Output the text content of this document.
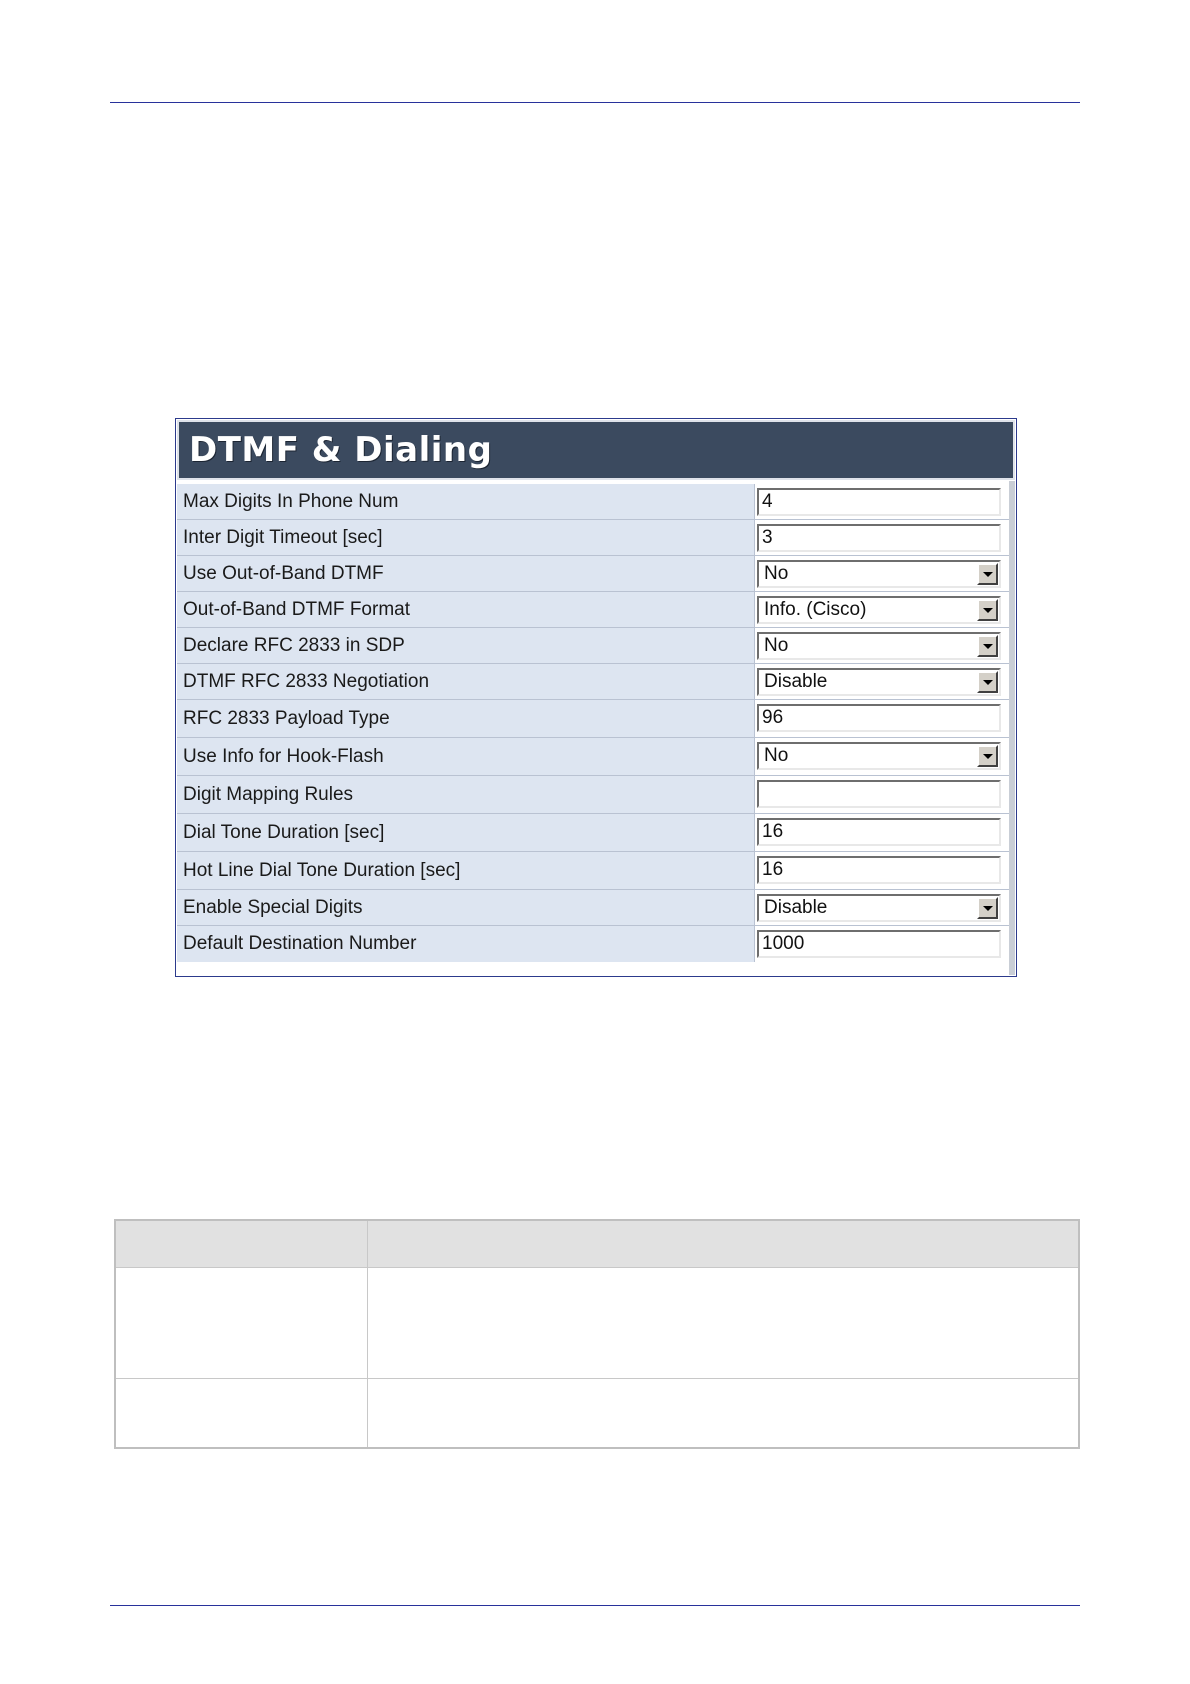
DTMF & Dialing
Max Digits In Phone Num	4
Inter Digit Timeout [sec]	3
Use Out-of-Band DTMF	No
Out-of-Band DTMF Format	Info. (Cisco)
Declare RFC 2833 in SDP	No
DTMF RFC 2833 Negotiation	Disable
RFC 2833 Payload Type	96
Use Info for Hook-Flash	No
Digit Mapping Rules
Dial Tone Duration [sec]	16
Hot Line Dial Tone Duration [sec]	16
Enable Special Digits	Disable
Default Destination Number	1000
